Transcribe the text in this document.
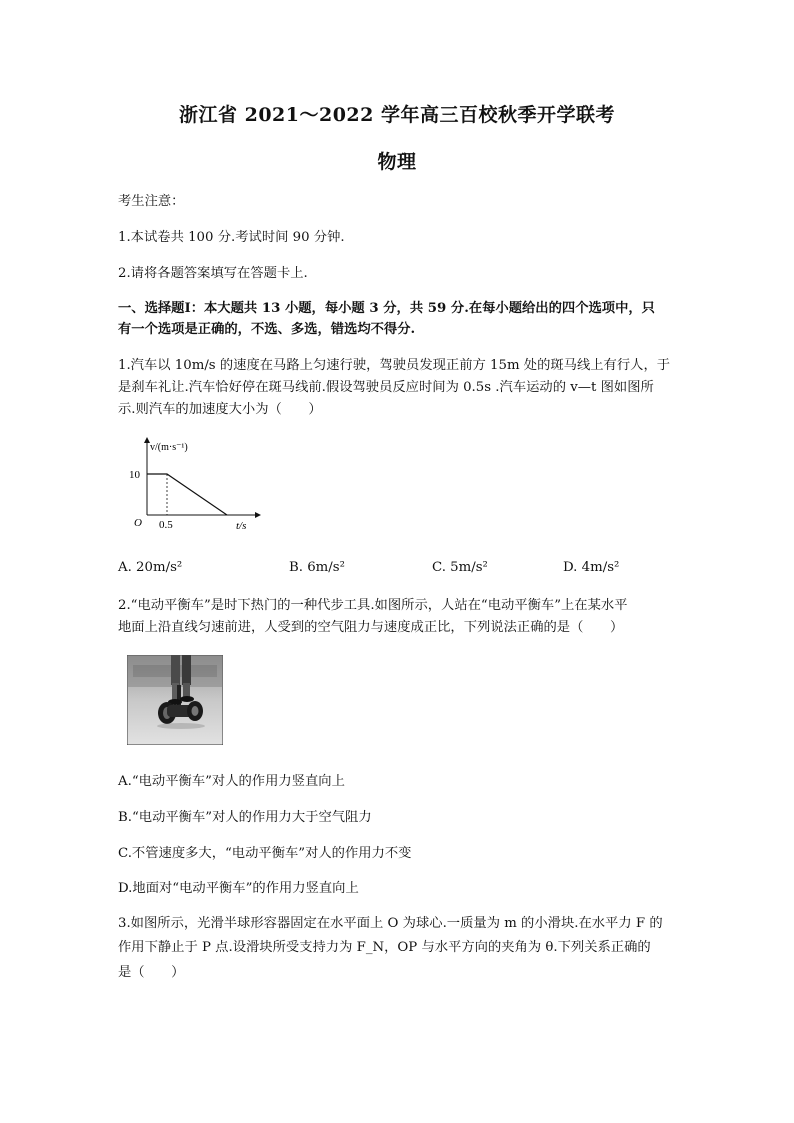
浙江省 2021～2022 学年高三百校秋季开学联考
物理
考生注意：
1.本试卷共 100 分.考试时间 90 分钟.
2.请将各题答案填写在答题卡上.
一、选择题Ⅰ：本大题共 13 小题，每小题 3 分，共 59 分.在每小题给出的四个选项中，只
有一个选项是正确的，不选、多选，错选均不得分.
1.汽车以 10m/s 的速度在马路上匀速行驶，驾驶员发现正前方 15m 处的斑马线上有行人，于
是刹车礼让.汽车恰好停在斑马线前.假设驾驶员反应时间为 0.5s .汽车运动的 v—t 图如图所
示.则汽车的加速度大小为（　　）
v/(m·s⁻¹)
10
O 0.5	t/s
A. 20m/s²	B. 6m/s²	C. 5m/s²	D. 4m/s²
2.“电动平衡车”是时下热门的一种代步工具.如图所示，人站在“电动平衡车”上在某水平
地面上沿直线匀速前进，人受到的空气阻力与速度成正比，下列说法正确的是（　　）
A.“电动平衡车”对人的作用力竖直向上
B.“电动平衡车”对人的作用力大于空气阻力
C.不管速度多大，“电动平衡车”对人的作用力不变
D.地面对“电动平衡车”的作用力竖直向上
3.如图所示，光滑半球形容器固定在水平面上 O 为球心.一质量为 m 的小滑块.在水平力 F 的
作用下静止于 P 点.设滑块所受支持力为 F_N，OP 与水平方向的夹角为 θ.下列关系正确的
是（　　）
